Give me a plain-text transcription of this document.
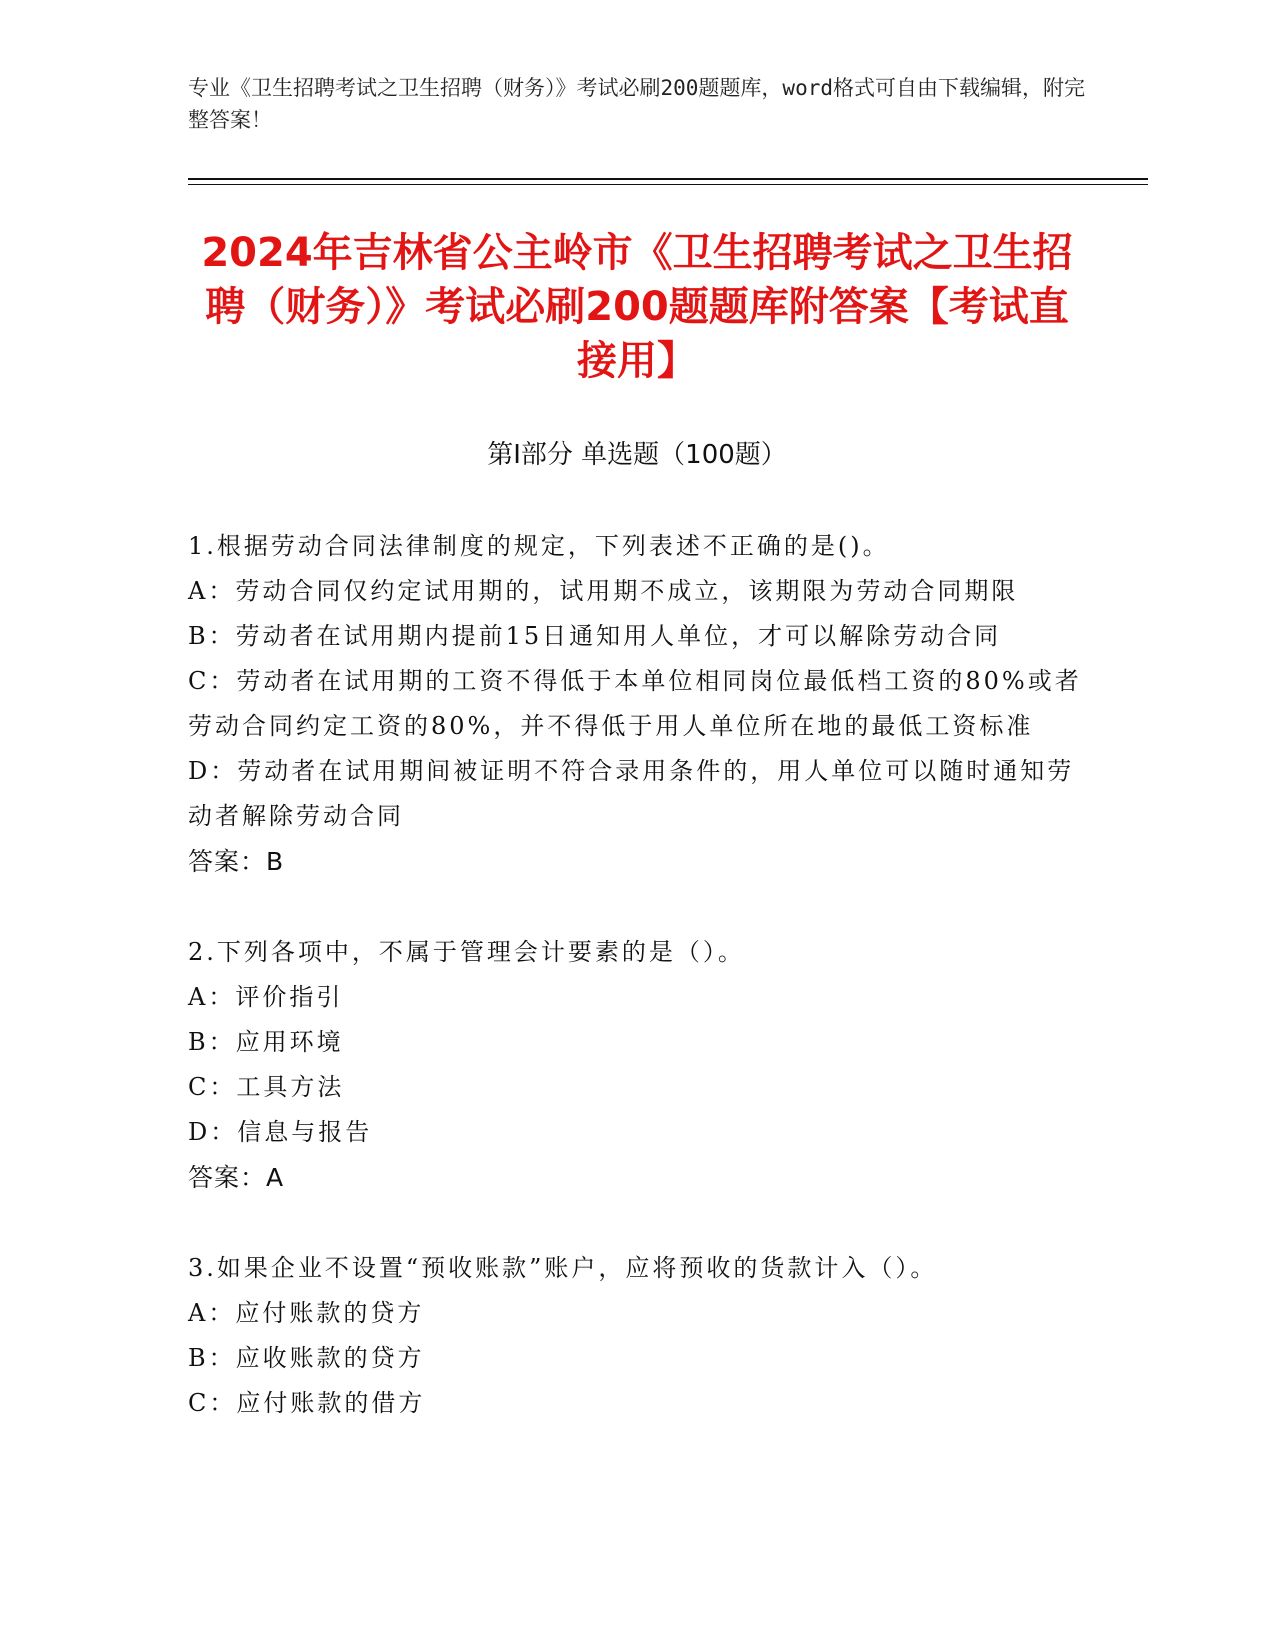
专业《卫生招聘考试之卫生招聘（财务）》考试必刷200题题库，word格式可自由下载编辑，附完整答案！

2024年吉林省公主岭市《卫生招聘考试之卫生招聘（财务）》考试必刷200题题库附答案【考试直接用】
第I部分 单选题（100题）

1.根据劳动合同法律制度的规定，下列表述不正确的是()。

A：劳动合同仅约定试用期的，试用期不成立，该期限为劳动合同期限

B：劳动者在试用期内提前15日通知用人单位，才可以解除劳动合同

C：劳动者在试用期的工资不得低于本单位相同岗位最低档工资的80%或者劳动合同约定工资的80%，并不得低于用人单位所在地的最低工资标准

D：劳动者在试用期间被证明不符合录用条件的，用人单位可以随时通知劳动者解除劳动合同

答案：B

2.下列各项中，不属于管理会计要素的是（）。

A：评价指引

B：应用环境

C：工具方法

D：信息与报告

答案：A

3.如果企业不设置“预收账款”账户，应将预收的货款计入（）。

A：应付账款的贷方

B：应收账款的贷方

C：应付账款的借方
